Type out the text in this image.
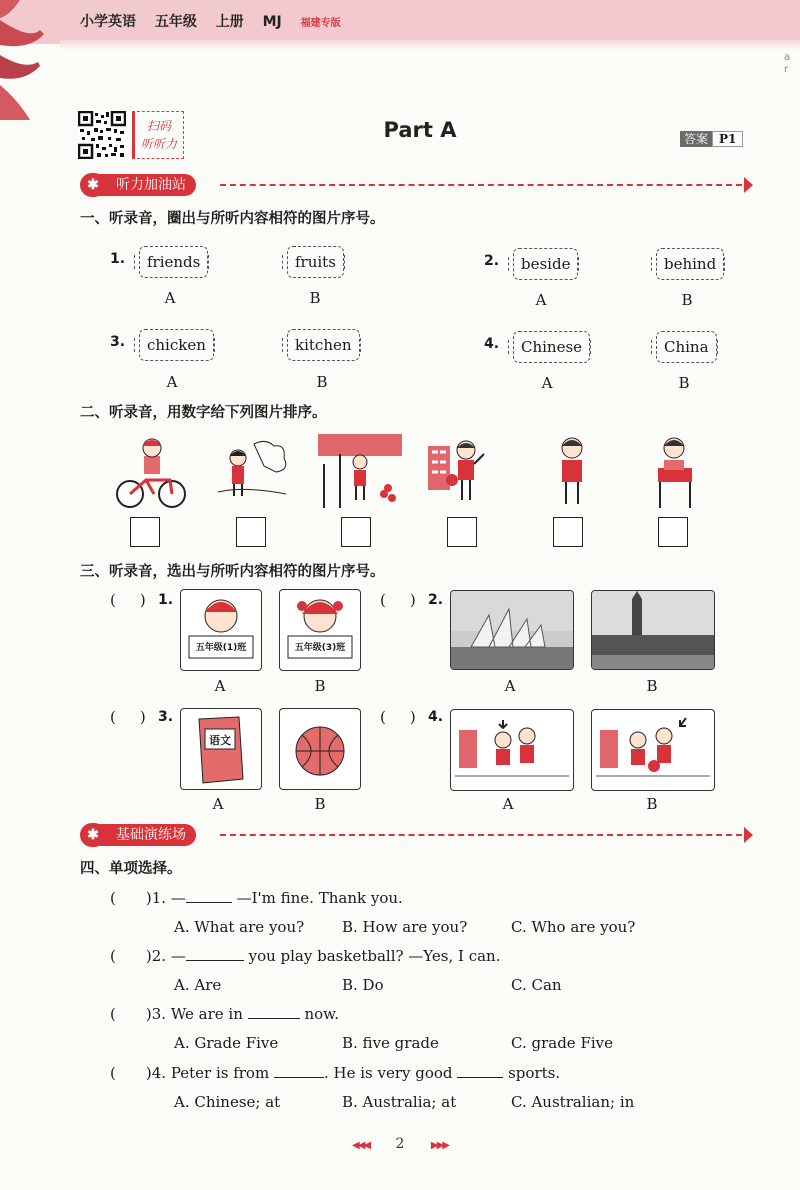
小学英语 五年级 上册 MJ 福建专版
a
r
扫码
听听力
Part A	答案 P1
听力加油站
✱
一、听录音，圈出与所听内容相符的图片序号。
1.	friends	fruits
A	B
2.	beside	behind
A	B
3.	chicken	kitchen
A	B
4.	Chinese	China
A	B
二、听录音，用数字给下列图片排序。
三、听录音，选出与所听内容相符的图片序号。
( ) 1.
五年级(1)班	五年级(3)班
A	B
( ) 2.
A	B
( ) 3.
语文
A	B
( ) 4.
A	B
基础演练场
✱
四、单项选择。
( )1. —	—I'm fine. Thank you.
A. What are you?	B. How are you?	C. Who are you?
( )2. —	you play basketball? —Yes, I can.
A. Are	B. Do	C. Can
( )3. We are in	now.
A. Grade Five	B. five grade	C. grade Five
( )4. Peter is from	. He is very good	sports.
A. Chinese; at	B. Australia; at	C. Australian; in
◀◀◀ 2	▶▶▶
